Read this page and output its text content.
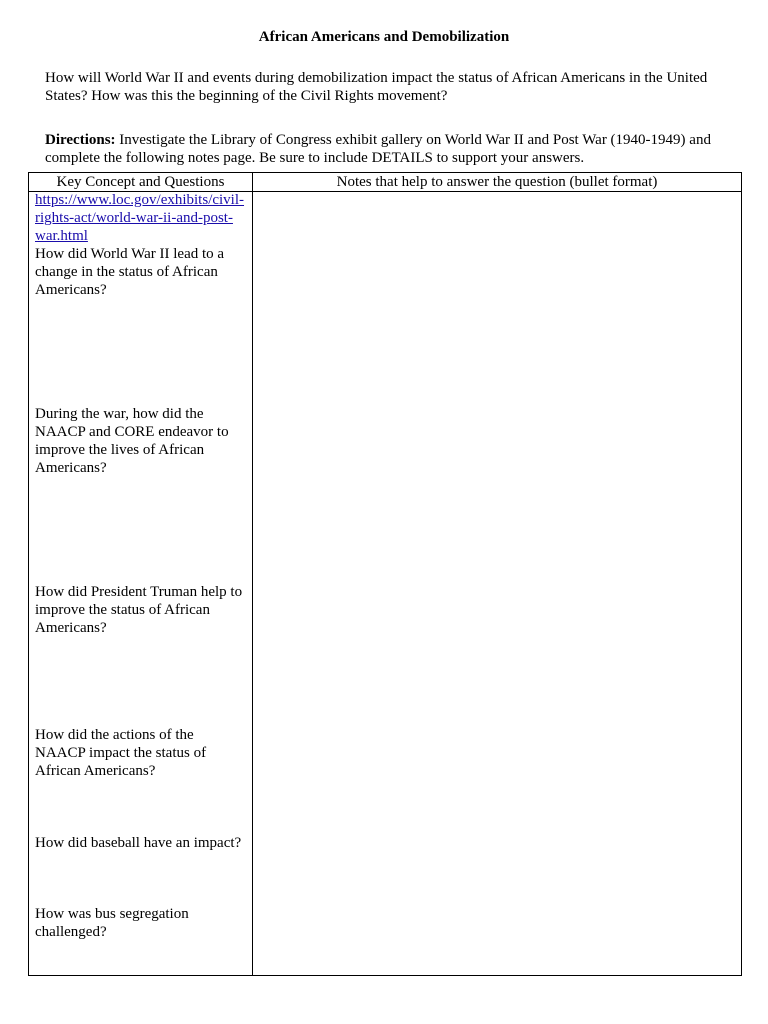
African Americans and Demobilization
How will World War II and events during demobilization impact the status of African Americans in the United States? How was this the beginning of the Civil Rights movement?
Directions: Investigate the Library of Congress exhibit gallery on World War II and Post War (1940-1949) and complete the following notes page. Be sure to include DETAILS to support your answers.
Key Concept and Questions	Notes that help to answer the question (bullet format)

https://www.loc.gov/exhibits/civil-rights-act/world-war-ii-and-post-war.html
How did World War II lead to a change in the status of African Americans?
During the war, how did the NAACP and CORE endeavor to improve the lives of African Americans?
How did President Truman help to improve the status of African Americans?
How did the actions of the NAACP impact the status of African Americans?
How did baseball have an impact?
How was bus segregation challenged?
